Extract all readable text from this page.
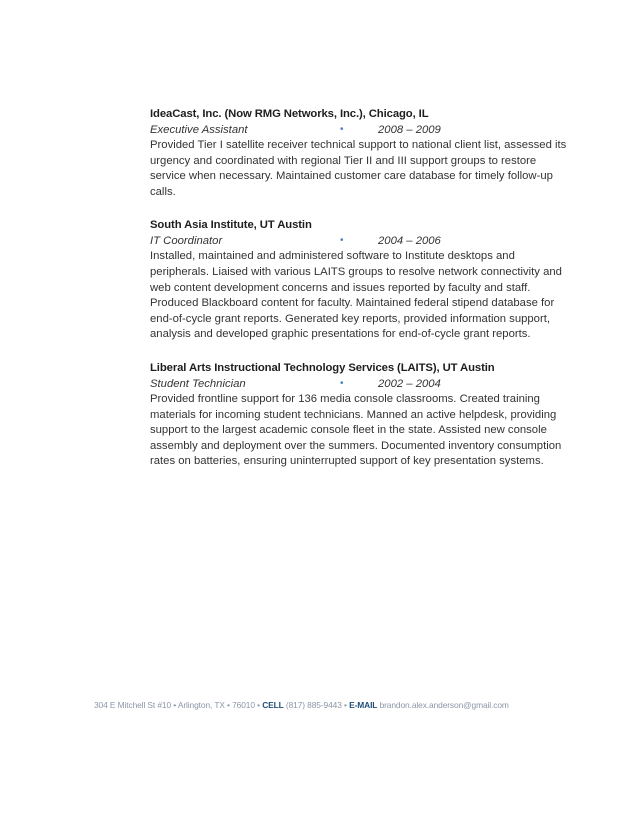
IdeaCast, Inc. (Now RMG Networks, Inc.), Chicago, IL

Executive Assistant	•	2008 – 2009

Provided Tier I satellite receiver technical support to national client list, assessed its urgency and coordinated with regional Tier II and III support groups to restore service when necessary. Maintained customer care database for timely follow-up calls.

South Asia Institute, UT Austin

IT Coordinator	•	2004 – 2006

Installed, maintained and administered software to Institute desktops and peripherals. Liaised with various LAITS groups to resolve network connectivity and web content development concerns and issues reported by faculty and staff. Produced Blackboard content for faculty. Maintained federal stipend database for end-of-cycle grant reports. Generated key reports, provided information support, analysis and developed graphic presentations for end-of-cycle grant reports.

Liberal Arts Instructional Technology Services (LAITS), UT Austin

Student Technician	•	2002 – 2004

Provided frontline support for 136 media console classrooms. Created training materials for incoming student technicians. Manned an active helpdesk, providing support to the largest academic console fleet in the state. Assisted new console assembly and deployment over the summers. Documented inventory consumption rates on batteries, ensuring uninterrupted support of key presentation systems.

304 E Mitchell St #10 • Arlington, TX • 76010 • CELL (817) 885-9443 • E-MAIL brandon.alex.anderson@gmail.com
